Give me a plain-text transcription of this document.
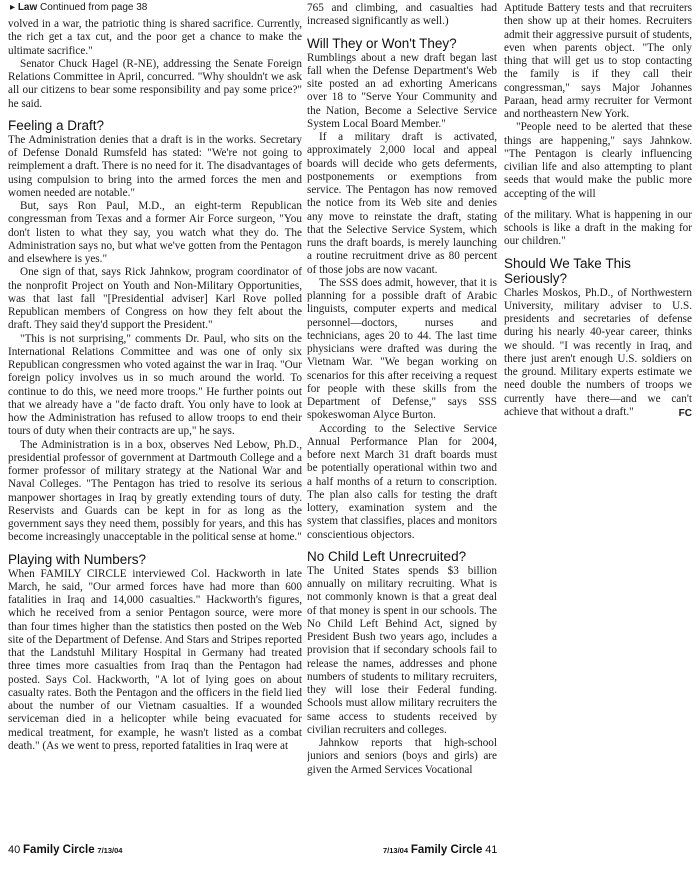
▸ Law Continued from page 38

volved in a war, the patriotic thing is shared sacrifice. Currently, the rich get a tax cut, and the poor get a chance to make the ultimate sacrifice."

Senator Chuck Hagel (R-NE), addressing the Senate Foreign Relations Committee in April, concurred. "Why shouldn't we ask all our citizens to bear some responsibility and pay some price?" he said.

Feeling a Draft?

The Administration denies that a draft is in the works. Secretary of Defense Donald Rumsfeld has stated: "We're not going to reimplement a draft. There is no need for it. The disadvantages of using compulsion to bring into the armed forces the men and women needed are notable."

But, says Ron Paul, M.D., an eight-term Republican congressman from Texas and a former Air Force surgeon, "You don't listen to what they say, you watch what they do. The Administration says no, but what we've gotten from the Pentagon and elsewhere is yes."

One sign of that, says Rick Jahnkow, program coordinator of the nonprofit Project on Youth and Non-Military Opportunities, was that last fall "[Presidential adviser] Karl Rove polled Republican members of Congress on how they felt about the draft. They said they'd support the President."

"This is not surprising," comments Dr. Paul, who sits on the International Relations Committee and was one of only six Republican congressmen who voted against the war in Iraq. "Our foreign policy involves us in so much around the world. To continue to do this, we need more troops." He further points out that we already have a "de facto draft. You only have to look at how the Administration has refused to allow troops to end their tours of duty when their contracts are up," he says.

The Administration is in a box, observes Ned Lebow, Ph.D., presidential professor of government at Dartmouth College and a former professor of military strategy at the National War and Naval Colleges. "The Pentagon has tried to resolve its serious manpower shortages in Iraq by greatly extending tours of duty. Reservists and Guards can be kept in for as long as the government says they need them, possibly for years, and this has become increasingly unacceptable in the political sense at home."

Playing with Numbers?

When FAMILY CIRCLE interviewed Col. Hackworth in late March, he said, "Our armed forces have had more than 600 fatalities in Iraq and 14,000 casualties." Hackworth's figures, which he received from a senior Pentagon source, were more than four times higher than the statistics then posted on the Web site of the Department of Defense. And Stars and Stripes reported that the Landstuhl Military Hospital in Germany had treated three times more casualties from Iraq than the Pentagon had posted. Says Col. Hackworth, "A lot of lying goes on about casualty rates. Both the Pentagon and the officers in the field lied about the number of our Vietnam casualties. If a wounded serviceman died in a helicopter while being evacuated for medical treatment, for example, he wasn't listed as a combat death." (As we went to press, reported fatalities in Iraq were at

765 and climbing, and casualties had increased significantly as well.)

Will They or Won't They?

Rumblings about a new draft began last fall when the Defense Department's Web site posted an ad exhorting Americans over 18 to "Serve Your Community and the Nation, Become a Selective Service System Local Board Member."

If a military draft is activated, approximately 2,000 local and appeal boards will decide who gets deferments, postponements or exemptions from service. The Pentagon has now removed the notice from its Web site and denies any move to reinstate the draft, stating that the Selective Service System, which runs the draft boards, is merely launching a routine recruitment drive as 80 percent of those jobs are now vacant.

The SSS does admit, however, that it is planning for a possible draft of Arabic linguists, computer experts and medical personnel—doctors, nurses and technicians, ages 20 to 44. The last time physicians were drafted was during the Vietnam War. "We began working on scenarios for this after receiving a request for people with these skills from the Department of Defense," says SSS spokeswoman Alyce Burton.

According to the Selective Service Annual Performance Plan for 2004, before next March 31 draft boards must be potentially operational within two and a half months of a return to conscription. The plan also calls for testing the draft lottery, examination system and the system that classifies, places and monitors conscientious objectors.

No Child Left Unrecruited?

The United States spends $3 billion annually on military recruiting. What is not commonly known is that a great deal of that money is spent in our schools. The No Child Left Behind Act, signed by President Bush two years ago, includes a provision that if secondary schools fail to release the names, addresses and phone numbers of students to military recruiters, they will lose their Federal funding. Schools must allow military recruiters the same access to students received by civilian recruiters and colleges.

Jahnkow reports that high-school juniors and seniors (boys and girls) are given the Armed Services Vocational

Aptitude Battery tests and that recruiters then show up at their homes. Recruiters admit their aggressive pursuit of students, even when parents object. "The only thing that will get us to stop contacting the family is if they call their congressman," says Major Johannes Paraan, head army recruiter for Vermont and northeastern New York.

"People need to be alerted that these things are happening," says Jahnkow. "The Pentagon is clearly influencing civilian life and also attempting to plant seeds that would make the public more accepting of the will

of the military. What is happening in our schools is like a draft in the making for our children."

Should We Take This Seriously?

Charles Moskos, Ph.D., of Northwestern University, military adviser to U.S. presidents and secretaries of defense during his nearly 40-year career, thinks we should. "I was recently in Iraq, and there just aren't enough U.S. soldiers on the ground. Military experts estimate we need double the numbers of troops we currently have there—and we can't achieve that without a draft."	FC

40 Family Circle 7/13/04	7/13/04 Family Circle 41
